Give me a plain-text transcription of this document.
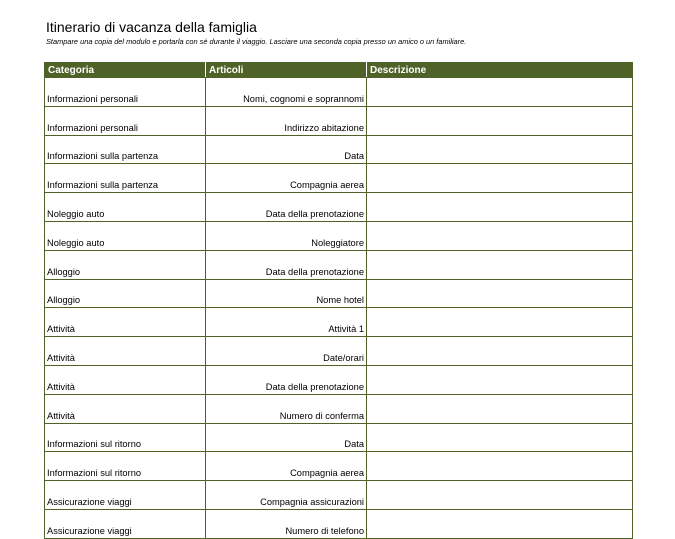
Itinerario di vacanza della famiglia
Stampare una copia del modulo e portarla con sé durante il viaggio. Lasciare una seconda copia presso un amico o un familiare.
Categoria	Articoli	Descrizione
Informazioni personali	Nomi, cognomi e soprannomi	
Informazioni personali	Indirizzo abitazione	
Informazioni sulla partenza	Data	
Informazioni sulla partenza	Compagnia aerea	
Noleggio auto	Data della prenotazione	
Noleggio auto	Noleggiatore	
Alloggio	Data della prenotazione	
Alloggio	Nome hotel	
Attività	Attività 1	
Attività	Date/orari	
Attività	Data della prenotazione	
Attività	Numero di conferma	
Informazioni sul ritorno	Data	
Informazioni sul ritorno	Compagnia aerea	
Assicurazione viaggi	Compagnia assicurazioni	
Assicurazione viaggi	Numero di telefono	
